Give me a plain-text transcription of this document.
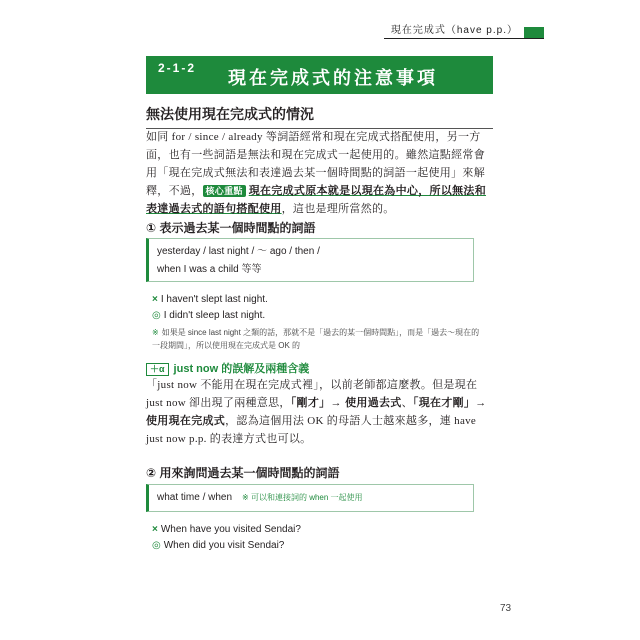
現在完成式（have p.p.）
2-1-2 現在完成式的注意事項
無法使用現在完成式的情況
如同 for / since / already 等詞語經常和現在完成式搭配使用，另一方面，也有一些詞語是無法和現在完成式一起使用的。雖然這點經常會用「現在完成式無法和表達過去某一個時間點的詞語一起使用」來解釋，不過， 核心重點 現在完成式原本就是以現在為中心，所以無法和表達過去式的語句搭配使用，這也是理所當然的。
① 表示過去某一個時間點的詞語
yesterday / last night / ～ ago / then /
when I was a child 等等
× I haven't slept last night.
◎ I didn't sleep last night.
※ 如果是 since last night 之類的話，那就不是「過去的某一個時間點」，而是「過去～現在的一段期間」，所以使用現在完成式是 OK 的
＋α just now 的誤解及兩種含義
「just now 不能用在現在完成式裡」，以前老師都這麼教。但是現在 just now 卻出現了兩種意思，「剛才」→ 使用過去式、「現在才剛」→ 使用現在完成式，認為這個用法 OK 的母語人士越來越多，連 have just now p.p. 的表達方式也可以。
② 用來詢問過去某一個時間點的詞語
what time / when ※ 可以和連接詞的 when 一起使用
× When have you visited Sendai?
◎ When did you visit Sendai?
73
